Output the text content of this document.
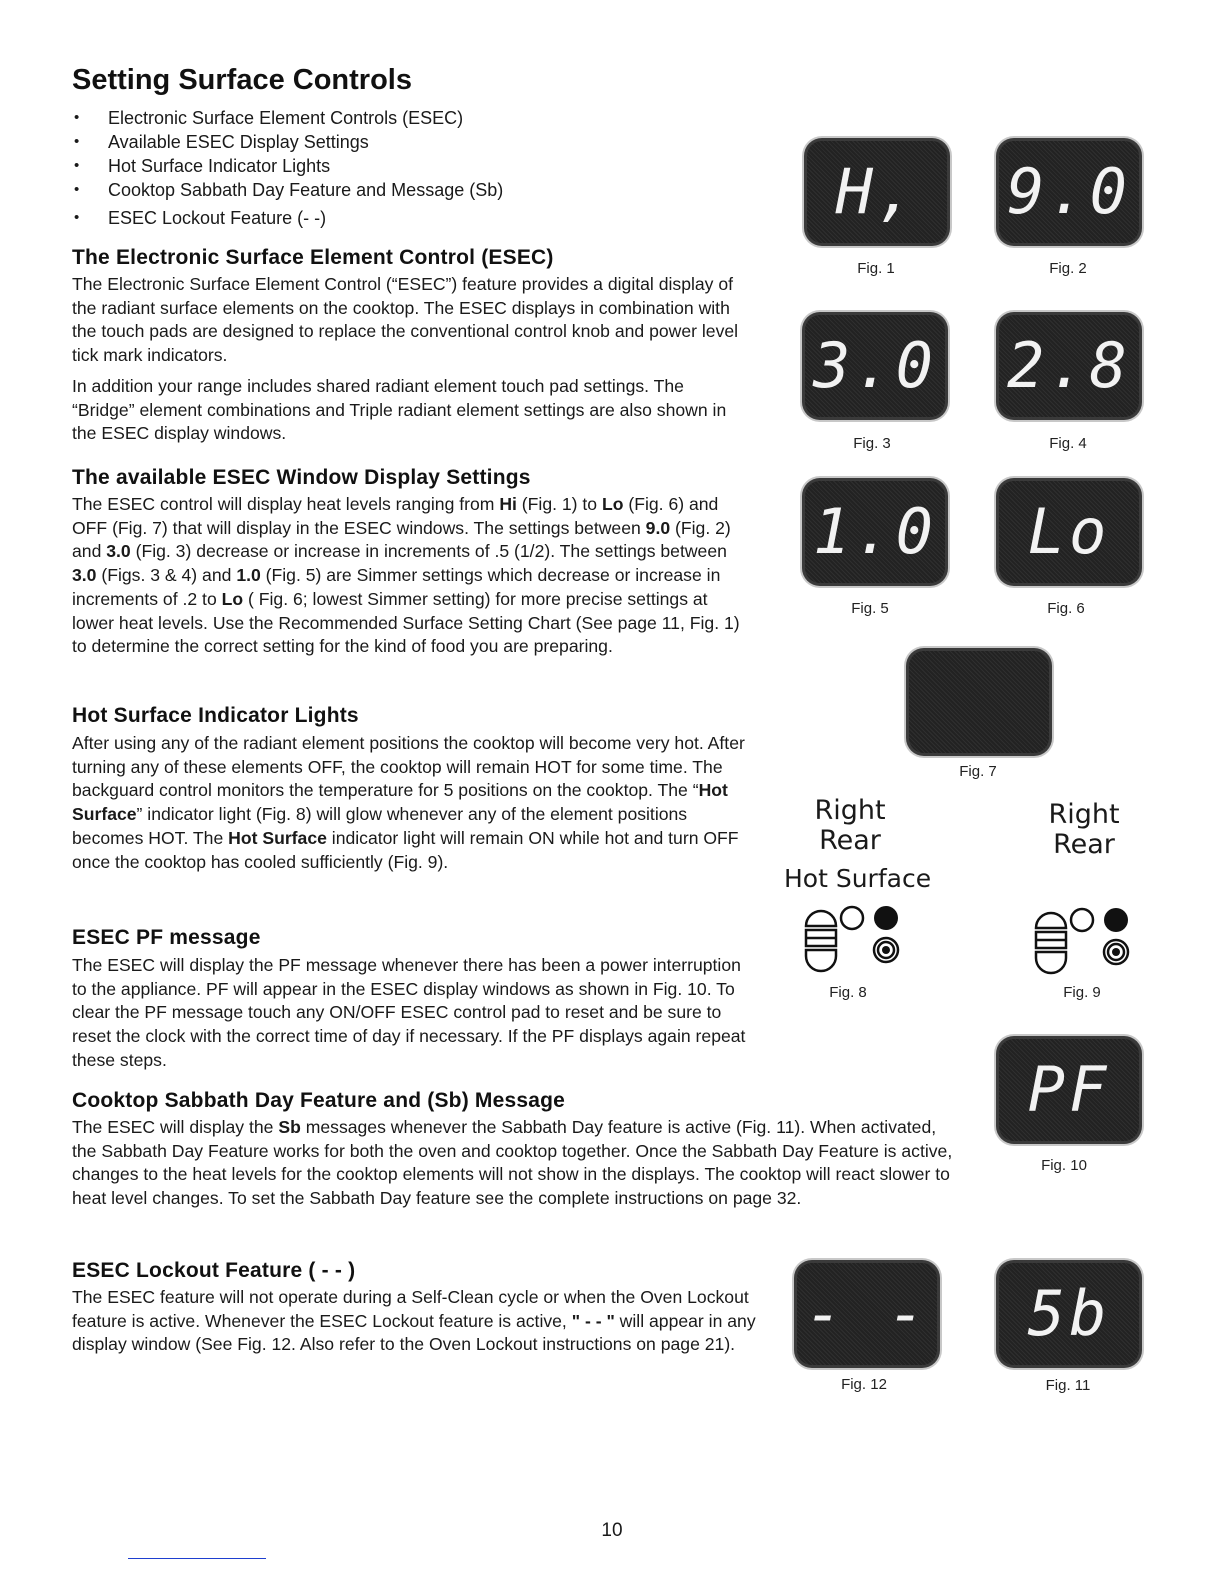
Setting Surface Controls
• Electronic Surface Element Controls (ESEC)
• Available ESEC Display Settings
• Hot Surface Indicator Lights
• Cooktop Sabbath Day Feature and Message (Sb)
• ESEC Lockout Feature (- -)
The Electronic Surface Element Control (ESEC)

The Electronic Surface Element Control (“ESEC”) feature provides a digital display of the radiant surface elements on the cooktop. The ESEC displays in combination with the touch pads are designed to replace the conventional control knob and power level tick mark indicators.

In addition your range includes shared radiant element touch pad settings. The “Bridge” element combinations and Triple radiant element settings are also shown in the ESEC display windows.

The available ESEC Window Display Settings

The ESEC control will display heat levels ranging from Hi (Fig. 1) to Lo (Fig. 6) and OFF (Fig. 7) that will display in the ESEC windows. The settings between 9.0 (Fig. 2) and 3.0 (Fig. 3) decrease or increase in increments of .5 (1/2). The settings between 3.0 (Figs. 3 & 4) and 1.0 (Fig. 5) are Simmer settings which decrease or increase in increments of .2 to Lo ( Fig. 6; lowest Simmer setting) for more precise settings at lower heat levels. Use the Recommended Surface Setting Chart (See page 11, Fig. 1) to determine the correct setting for the kind of food you are preparing.

Hot Surface Indicator Lights

After using any of the radiant element positions the cooktop will become very hot. After turning any of these elements OFF, the cooktop will remain HOT for some time. The backguard control monitors the temperature for 5 positions on the cooktop. The “Hot Surface” indicator light (Fig. 8) will glow whenever any of the element positions becomes HOT. The Hot Surface indicator light will remain ON while hot and turn OFF once the cooktop has cooled sufficiently (Fig. 9).

ESEC PF message

The ESEC will display the PF message whenever there has been a power interruption to the appliance. PF will appear in the ESEC display windows as shown in Fig. 10. To clear the PF message touch any ON/OFF ESEC control pad to reset and be sure to reset the clock with the correct time of day if necessary. If the PF displays again repeat these steps.

Cooktop Sabbath Day Feature and (Sb) Message

The ESEC will display the Sb messages whenever the Sabbath Day feature is active (Fig. 11). When activated, the Sabbath Day Feature works for both the oven and cooktop together. Once the Sabbath Day Feature is active, changes to the heat levels for the cooktop elements will not show in the displays. The cooktop will react slower to heat level changes. To set the Sabbath Day feature see the complete instructions on page 32.

ESEC Lockout Feature ( - - )

The ESEC feature will not operate during a Self-Clean cycle or when the Oven Lockout feature is active. Whenever the ESEC Lockout feature is active, " - - " will appear in any display window (See Fig. 12. Also refer to the Oven Lockout instructions on page 21).

H,
Fig. 1
9.0
Fig. 2
3.0
Fig. 3
2.8
Fig. 4
1.0
Fig. 5
Lo
Fig. 6
Fig. 7
Right
Rear
Hot Surface
Fig. 8
Right
Rear
Fig. 9
PF
Fig. 10
- -
Fig. 12
5b
Fig. 11
10
